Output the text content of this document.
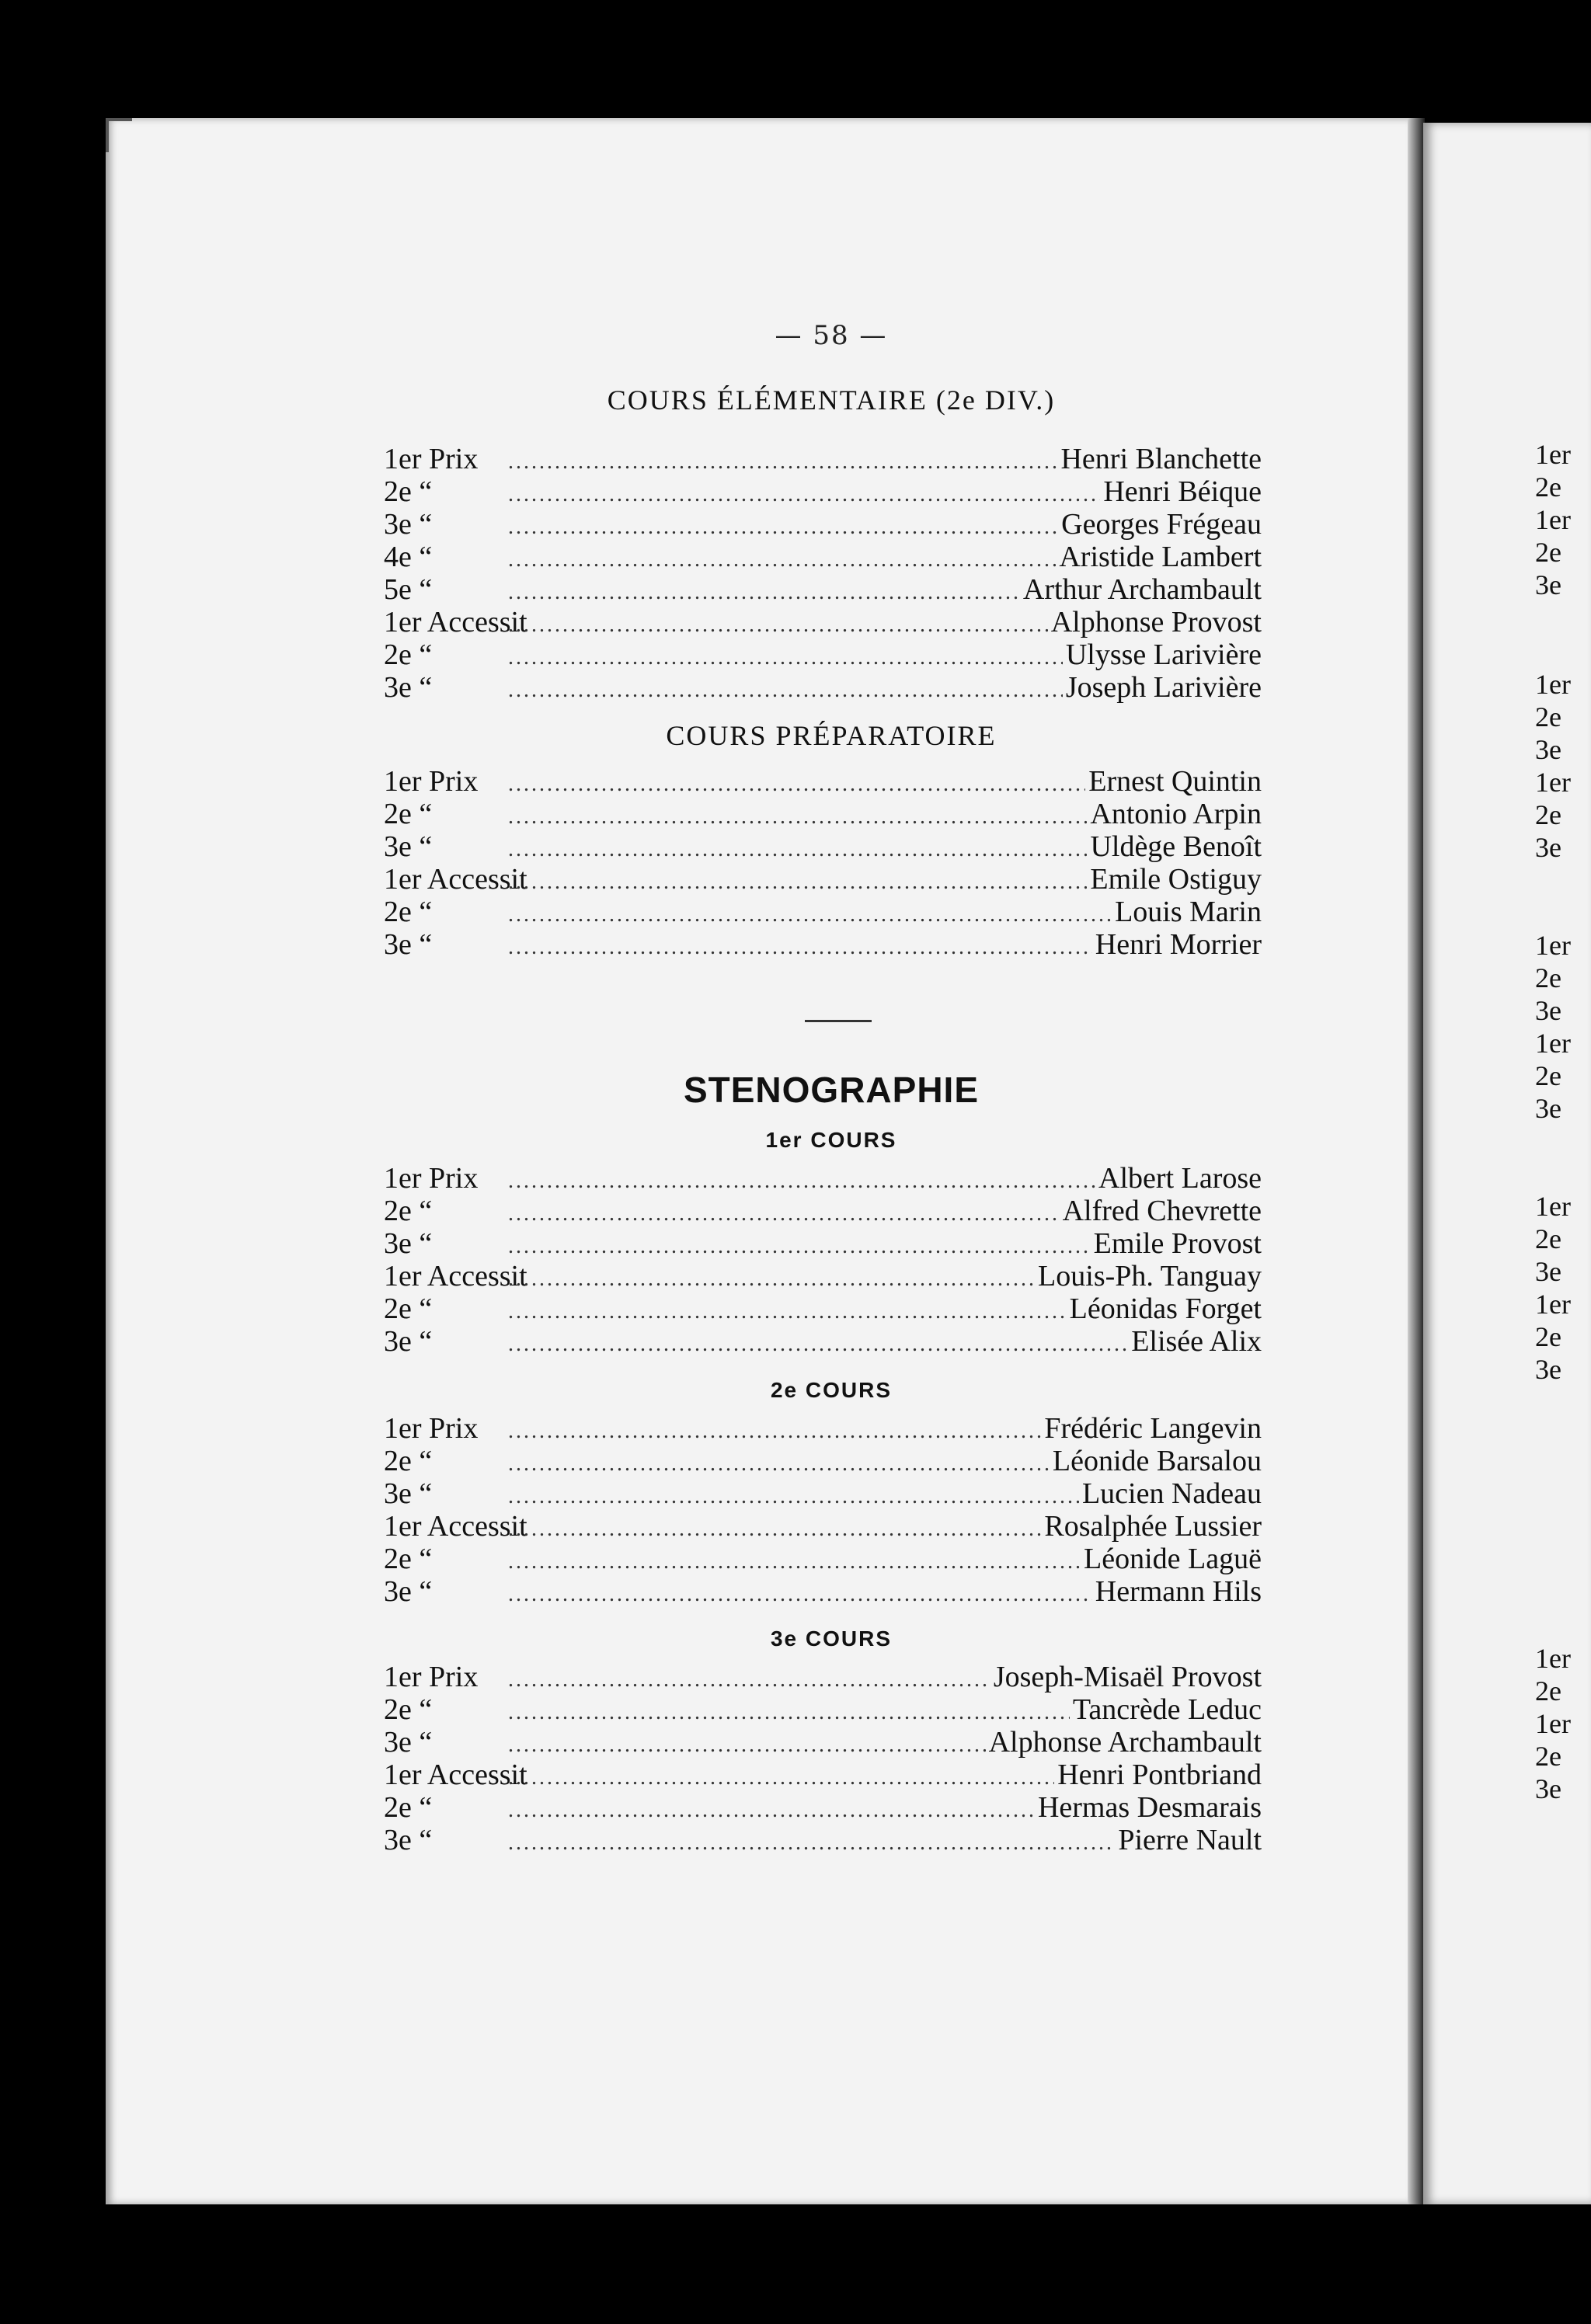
— 58 —
COURS ÉLÉMENTAIRE (2e DIV.)
1er Prix .....	Henri Blanchette
2e “ .....	Henri Béique
3e “ .....	Georges Frégeau
4e “ .....	Aristide Lambert
5e “ .....	Arthur Archambault
1er Accessit .....	Alphonse Provost
2e “ .....	Ulysse Larivière
3e “ .....	Joseph Larivière
COURS PRÉPARATOIRE
1er Prix .....	Ernest Quintin
2e “ .....	Antonio Arpin
3e “ .....	Uldège Benoît
1er Accessit .....	Emile Ostiguy
2e “ .....	Louis Marin
3e “ .....	Henri Morrier
STENOGRAPHIE
1er COURS
1er Prix .....	Albert Larose
2e “ .....	Alfred Chevrette
3e “ .....	Emile Provost
1er Accessit .....	Louis-Ph. Tanguay
2e “ .....	Léonidas Forget
3e “ .....	Elisée Alix
2e COURS
1er Prix .....	Frédéric Langevin
2e “ .....	Léonide Barsalou
3e “ .....	Lucien Nadeau
1er Accessit .....	Rosalphée Lussier
2e “ .....	Léonide Laguë
3e “ .....	Hermann Hils
3e COURS
1er Prix .....	Joseph-Misaël Provost
2e “ .....	Tancrède Leduc
3e “ .....	Alphonse Archambault
1er Accessit .....	Henri Pontbriand
2e “ .....	Hermas Desmarais
3e “ .....	Pierre Nault
1er
2e
1er
2e
3e
1er
2e
3e
1er
2e
3e
1er
2e
3e
1er
2e
3e
1er
2e
3e
1er
2e
3e
1er
2e
1er
2e
3e
